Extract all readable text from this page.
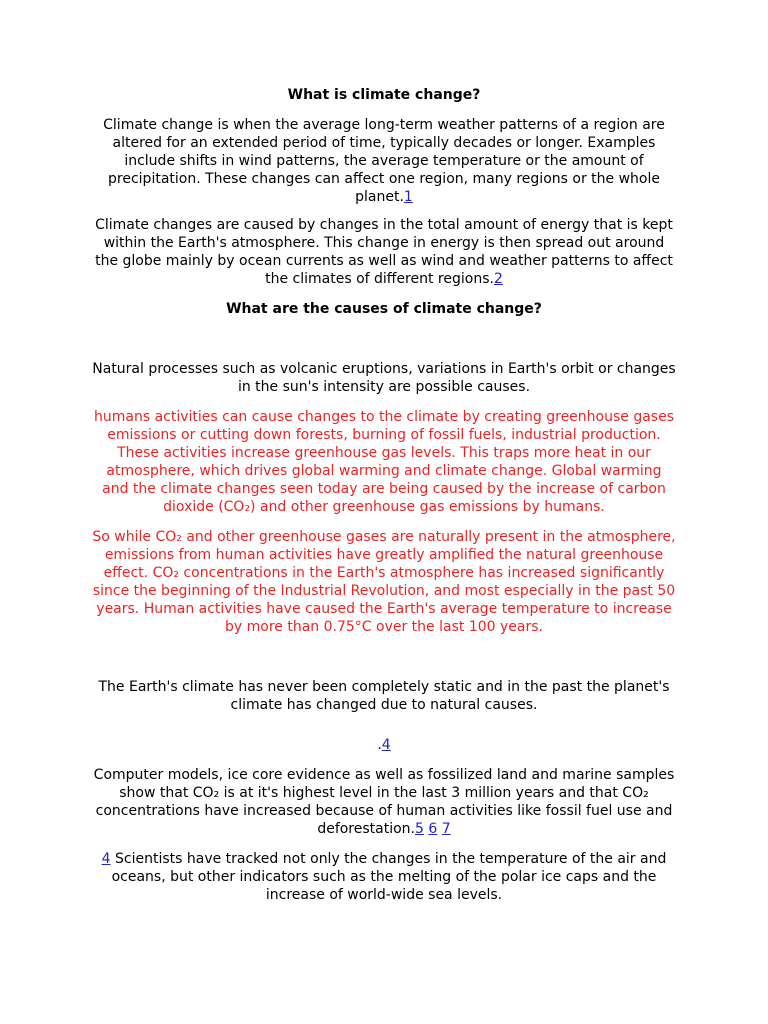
What is climate change?

Climate change is when the average long-term weather patterns of a region are altered for an extended period of time, typically decades or longer. Examples include shifts in wind patterns, the average temperature or the amount of precipitation. These changes can affect one region, many regions or the whole planet.1

Climate changes are caused by changes in the total amount of energy that is kept within the Earth's atmosphere. This change in energy is then spread out around the globe mainly by ocean currents as well as wind and weather patterns to affect the climates of different regions.2

What are the causes of climate change?

Natural processes such as volcanic eruptions, variations in Earth's orbit or changes in the sun's intensity are possible causes.

humans activities can cause changes to the climate by creating greenhouse gases emissions or cutting down forests, burning of fossil fuels, industrial production. These activities increase greenhouse gas levels. This traps more heat in our atmosphere, which drives global warming and climate change. Global warming and the climate changes seen today are being caused by the increase of carbon dioxide (CO₂) and other greenhouse gas emissions by humans.

So while CO₂ and other greenhouse gases are naturally present in the atmosphere, emissions from human activities have greatly amplified the natural greenhouse effect. CO₂ concentrations in the Earth's atmosphere has increased significantly since the beginning of the Industrial Revolution, and most especially in the past 50 years. Human activities have caused the Earth's average temperature to increase by more than 0.75°C over the last 100 years.

The Earth's climate has never been completely static and in the past the planet's climate has changed due to natural causes.

.4

Computer models, ice core evidence as well as fossilized land and marine samples show that CO₂ is at it's highest level in the last 3 million years and that CO₂ concentrations have increased because of human activities like fossil fuel use and deforestation.5 6 7

4 Scientists have tracked not only the changes in the temperature of the air and oceans, but other indicators such as the melting of the polar ice caps and the increase of world-wide sea levels.
